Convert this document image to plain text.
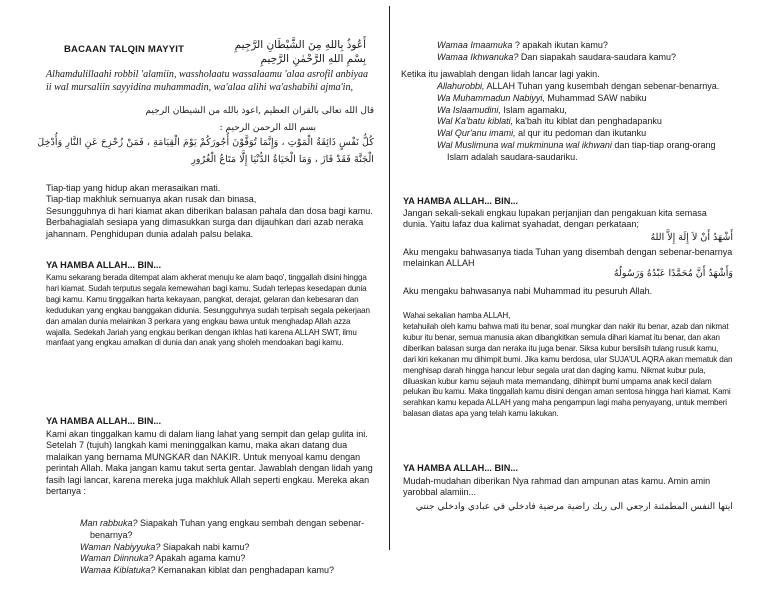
BACAAN TALQIN MAYYIT	أَعُوذُ بِاللهِ مِنَ الشَّيْطَانِ الرَّجِيمِ
بِسْمِ اللهِ الرَّحْمٰنِ الرَّحِيمِ

Alhamdulillaahi robbil 'alamiin, wassholaatu wassalaamu 'alaa asrofil anbiyaa ii wal mursaliin sayyidina muhammadin, wa'alaa alihi wa'ashabihi ajma'in,

قال الله تعالى بالقران العظيم ,اعوذ بالله من الشيطان الرجيم
بسم الله الرحمن الرحيم :
كُلُّ نَفْسٍ ذَائِقَةُ الْمَوْتِ ، وَإِنَّمَا تُوَفَّوْنَ أُجُورَكُمْ يَوْمَ الْقِيَامَةِ ، فَمَنْ زُحْزِحَ عَنِ النَّارِ وَأُدْخِلَ
الْجَنَّةَ فَقَدْ فَازَ ، وَمَا الْحَيَاةُ الدُّنْيَا إِلَّا مَتَاعُ الْغُرُورِ

Tiap-tiap yang hidup akan merasaikan mati.

Tiap-tiap makhluk semuanya akan rusak dan binasa,

Sesungguhnya di hari kiamat akan diberikan balasan pahala dan dosa bagi kamu. Berbahagialah sesiapa yang dimasukkan surga dan dijauhkan dari azab neraka jahannam. Penghidupan dunia adalah palsu belaka.

YA HAMBA ALLAH... BIN...

Kamu sekarang berada ditempat alam akherat menuju ke alam baqo', tinggallah disini hingga hari kiamat. Sudah terputus segala kemewahan bagi kamu. Sudah terlepas kesedapan dunia bagi kamu. Kamu tinggalkan harta kekayaan, pangkat, derajat, gelaran dan kebesaran dan kedudukan yang engkau banggakan didunia. Sesungguhnya sudah terpisah segala pekerjaan dan amalan dunia melainkan 3 perkara yang engkau bawa untuk menghadap Allah azza wajalla. Sedekah Jariah yang engkau berikan dengan ikhlas hati karena ALLAH SWT, ilmu manfaat yang engkau amalkan di dunia dan anak yang sholeh mendoakan bagi kamu.

YA HAMBA ALLAH... BIN...

Kami akan tinggalkan kamu di dalam liang lahat yang sempit dan gelap gulita ini. Setelah 7 (tujuh) langkah kami meninggalkan kamu, maka akan datang dua malaikan yang bernama MUNGKAR dan NAKIR. Untuk menyoal kamu dengan perintah Allah. Maka jangan kamu takut serta gentar. Jawablah dengan lidah yang fasih lagi lancar, karena mereka juga makhluk Allah seperti engkau. Mereka akan bertanya :

Man rabbuka? Siapakah Tuhan yang engkau sembah dengan sebenar-benarnya?

Waman Nabiyyuka? Siapakah nabi kamu?

Waman Diinnuka? Apakah agama kamu?

Wamaa Kiblatuka? Kemanakan kiblat dan penghadapan kamu?

Wamaa Imaamuka ? apakah ikutan kamu?

Wamaa Ikhwanuka? Dan siapakah saudara-saudara kamu?

Ketika itu jawablah dengan lidah lancar lagi yakin.

Allahurobbi, ALLAH Tuhan yang kusembah dengan sebenar-benarnya.

Wa Muhammadun Nabiyyi, Muhammad SAW nabiku

Wa Islaamudini, Islam agamaku,

Wal Ka'batu kiblati, ka'bah itu kiblat dan penghadapanku

Wal Qur'anu imami, al qur itu pedoman dan ikutanku

Wal Muslimuna wal mukminuna wal ikhwani dan tiap-tiap orang-orang Islam adalah saudara-saudariku.

YA HAMBA ALLAH... BIN...

Jangan sekali-sekali engkau lupakan perjanjian dan pengakuan kita semasa dunia. Yaitu lafaz dua kalimat syahadat, dengan perkataan;

أَشْهَدُ أَنْ لاَ إِلَهَ إِلاَّ اللهُ

Aku mengaku bahwasanya tiada Tuhan yang disembah dengan sebenar-benarnya melainkan ALLAH

وَأَشْهَدُ أَنَّ مُحَمَّدًا عَبْدُهُ وَرَسُولُهُ

Aku mengaku bahwasanya nabi Muhammad itu pesuruh Allah.

Wahai sekalian hamba ALLAH,

ketahuilah oleh kamu bahwa mati itu benar, soal mungkar dan nakir itu benar, azab dan nikmat kubur itu benar, semua manusia akan dibangkitkan semula dihari kiamat itu benar, dan akan diberikan balasan surga dan neraka itu juga benar. Siksa kubur bersilsih tulang rusuk kamu, dari kiri kekanan mu dihimpit bumi. Jika kamu berdosa, ular SUJA'UL AQRA akan mematuk dan menghisap darah hingga hancur lebur segala urat dan daging kamu. Nikmat kubur pula, diluaskan kubur kamu sejauh mata memandang, dihimpit bumi umpama anak kecil dalam pelukan ibu kamu. Maka tinggallah kamu disini dengan aman sentosa hingga hari kiamat. Kami serahkan kamu kepada ALLAH yang maha pengampun lagi maha penyayang, untuk memberi balasan diatas apa yang telah kamu lakukan.

YA HAMBA ALLAH... BIN...

Mudah-mudahan diberikan Nya rahmad dan ampunan atas kamu. Amin amin yarobbal alamiin...

ايتها النفس المطمئنة ارجعي الى ربك راضية مرضية فادخلي في عبادي وادخلي جنتي
